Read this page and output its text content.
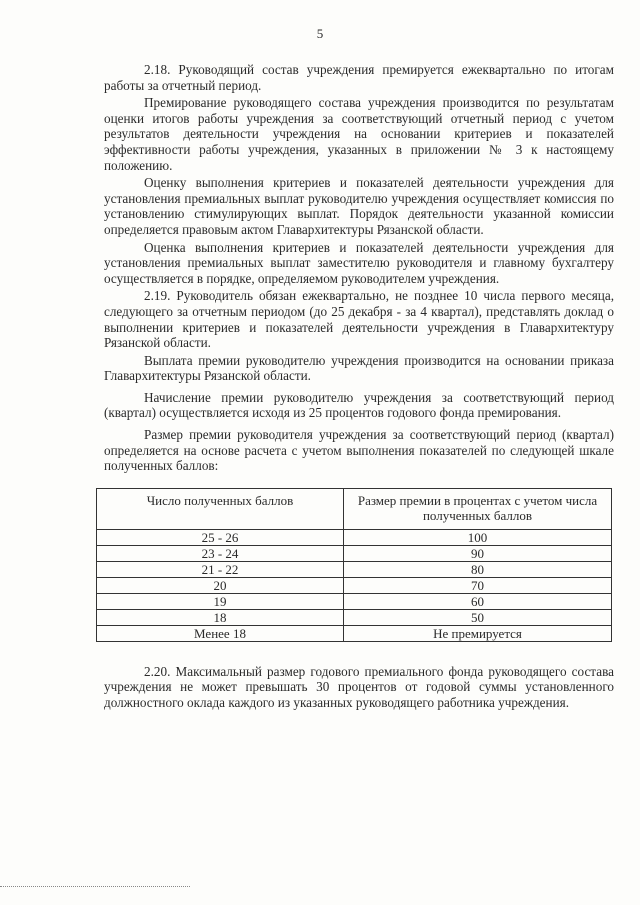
5

2.18. Руководящий состав учреждения премируется ежеквартально по итогам работы за отчетный период.

Премирование руководящего состава учреждения производится по результатам оценки итогов работы учреждения за соответствующий отчетный период с учетом результатов деятельности учреждения на основании критериев и показателей эффективности работы учреждения, указанных в приложении № 3 к настоящему положению.

Оценку выполнения критериев и показателей деятельности учреждения для установления премиальных выплат руководителю учреждения осуществляет комиссия по установлению стимулирующих выплат. Порядок деятельности указанной комиссии определяется правовым актом Главархитектуры Рязанской области.

Оценка выполнения критериев и показателей деятельности учреждения для установления премиальных выплат заместителю руководителя и главному бухгалтеру осуществляется в порядке, определяемом руководителем учреждения.

2.19. Руководитель обязан ежеквартально, не позднее 10 числа первого месяца, следующего за отчетным периодом (до 25 декабря - за 4 квартал), представлять доклад о выполнении критериев и показателей деятельности учреждения в Главархитектуру Рязанской области.

Выплата премии руководителю учреждения производится на основании приказа Главархитектуры Рязанской области.

Начисление премии руководителю учреждения за соответствующий период (квартал) осуществляется исходя из 25 процентов годового фонда премирования.

Размер премии руководителя учреждения за соответствующий период (квартал) определяется на основе расчета с учетом выполнения показателей по следующей шкале полученных баллов:

Число полученных баллов	Размер премии в процентах с учетом числа полученных баллов
25 - 26	100
23 - 24	90
21 - 22	80
20	70
19	60
18	50
Менее 18	Не премируется

2.20. Максимальный размер годового премиального фонда руководящего состава учреждения не может превышать 30 процентов от годовой суммы установленного должностного оклада каждого из указанных руководящего работника учреждения.
